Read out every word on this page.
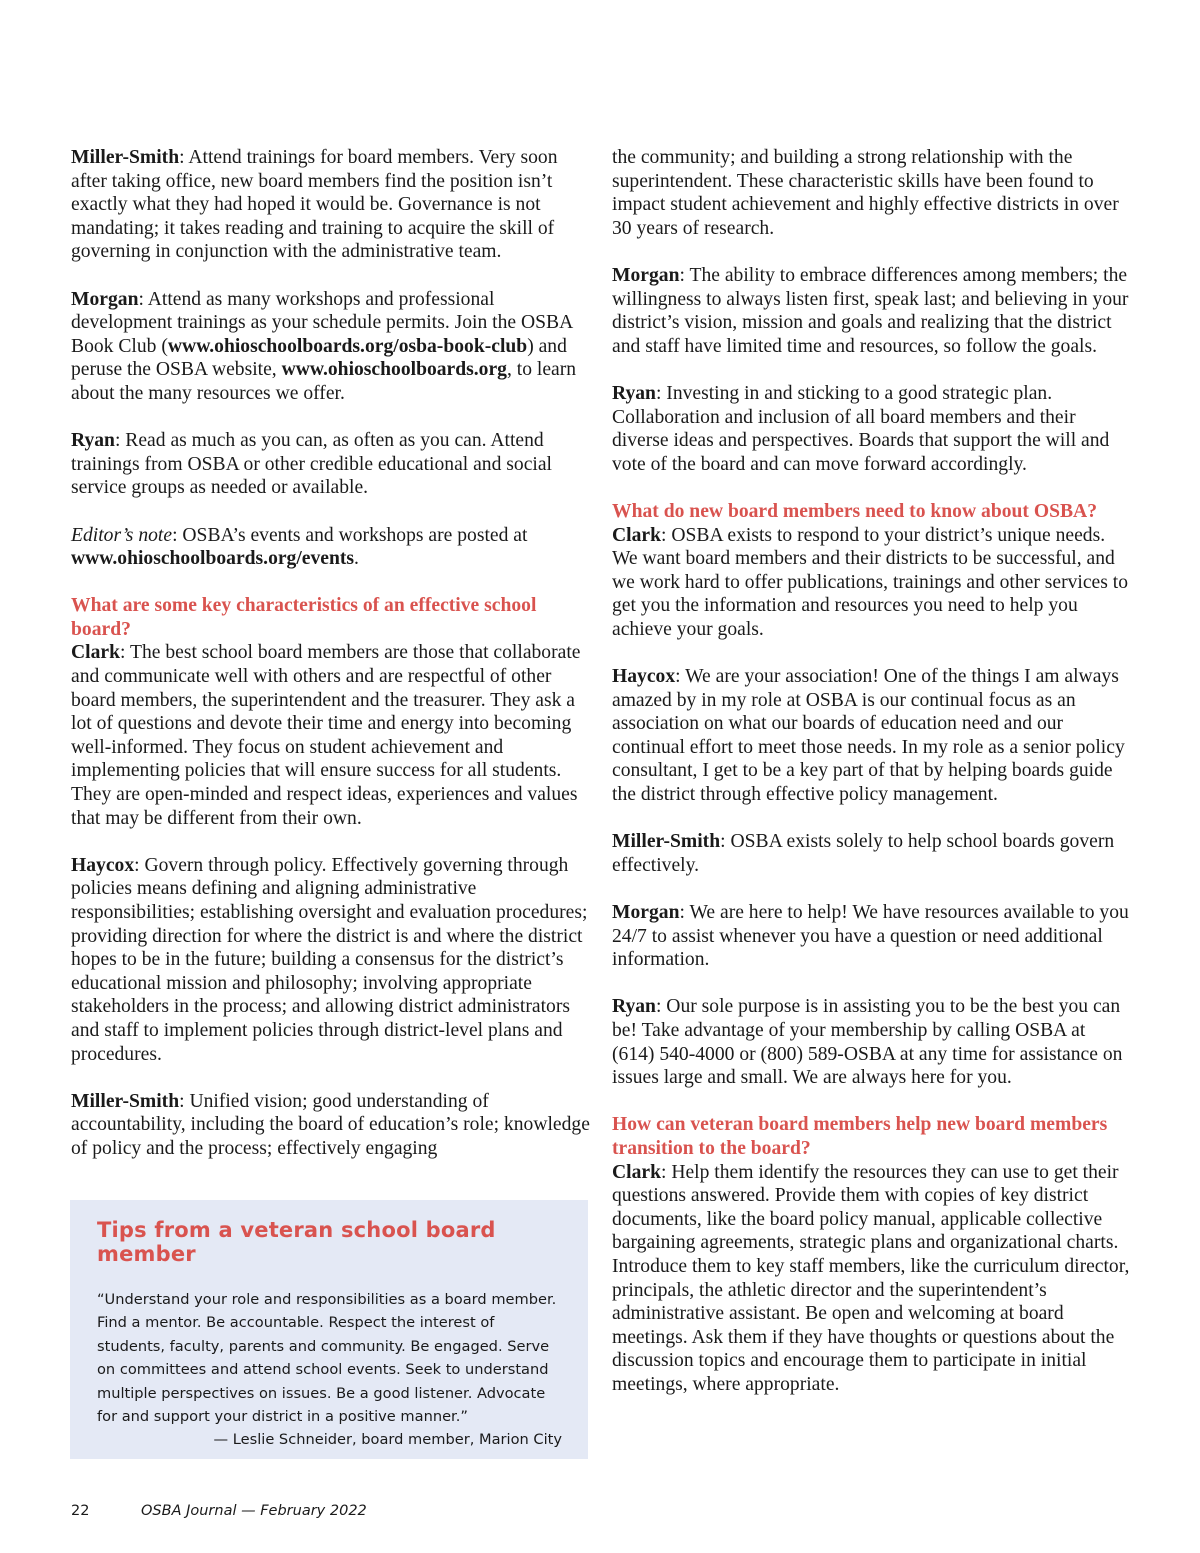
Miller-Smith: Attend trainings for board members. Very soon after taking office, new board members find the position isn’t exactly what they had hoped it would be. Governance is not mandating; it takes reading and training to acquire the skill of governing in conjunction with the administrative team.

Morgan: Attend as many workshops and professional development trainings as your schedule permits. Join the OSBA Book Club (www.ohioschoolboards.org/osba-book-club) and peruse the OSBA website, www.ohioschoolboards.org, to learn about the many resources we offer.

Ryan: Read as much as you can, as often as you can. Attend trainings from OSBA or other credible educational and social service groups as needed or available.

Editor’s note: OSBA’s events and workshops are posted at www.ohioschoolboards.org/events.

What are some key characteristics of an effective school board?

Clark: The best school board members are those that collaborate and communicate well with others and are respectful of other board members, the superintendent and the treasurer. They ask a lot of questions and devote their time and energy into becoming well-informed. They focus on student achievement and implementing policies that will ensure success for all students. They are open-minded and respect ideas, experiences and values that may be different from their own.

Haycox: Govern through policy. Effectively governing through policies means defining and aligning administrative responsibilities; establishing oversight and evaluation procedures; providing direction for where the district is and where the district hopes to be in the future; building a consensus for the district’s educational mission and philosophy; involving appropriate stakeholders in the process; and allowing district administrators and staff to implement policies through district-level plans and procedures.

Miller-Smith: Unified vision; good understanding of accountability, including the board of education’s role; knowledge of policy and the process; effectively engaging

Tips from a veteran school board member

“Understand your role and responsibilities as a board member. Find a mentor. Be accountable. Respect the interest of students, faculty, parents and community. Be engaged. Serve on committees and attend school events. Seek to understand multiple perspectives on issues. Be a good listener. Advocate for and support your district in a positive manner.”

— Leslie Schneider, board member, Marion City

the community; and building a strong relationship with the superintendent. These characteristic skills have been found to impact student achievement and highly effective districts in over 30 years of research.

Morgan: The ability to embrace differences among members; the willingness to always listen first, speak last; and believing in your district’s vision, mission and goals and realizing that the district and staff have limited time and resources, so follow the goals.

Ryan: Investing in and sticking to a good strategic plan. Collaboration and inclusion of all board members and their diverse ideas and perspectives. Boards that support the will and vote of the board and can move forward accordingly.

What do new board members need to know about OSBA?

Clark: OSBA exists to respond to your district’s unique needs. We want board members and their districts to be successful, and we work hard to offer publications, trainings and other services to get you the information and resources you need to help you achieve your goals.

Haycox: We are your association! One of the things I am always amazed by in my role at OSBA is our continual focus as an association on what our boards of education need and our continual effort to meet those needs. In my role as a senior policy consultant, I get to be a key part of that by helping boards guide the district through effective policy management.

Miller-Smith: OSBA exists solely to help school boards govern effectively.

Morgan: We are here to help! We have resources available to you 24/7 to assist whenever you have a question or need additional information.

Ryan: Our sole purpose is in assisting you to be the best you can be! Take advantage of your membership by calling OSBA at (614) 540-4000 or (800) 589-OSBA at any time for assistance on issues large and small. We are always here for you.

How can veteran board members help new board members transition to the board?

Clark: Help them identify the resources they can use to get their questions answered. Provide them with copies of key district documents, like the board policy manual, applicable collective bargaining agreements, strategic plans and organizational charts. Introduce them to key staff members, like the curriculum director, principals, the athletic director and the superintendent’s administrative assistant. Be open and welcoming at board meetings. Ask them if they have thoughts or questions about the discussion topics and encourage them to participate in initial meetings, where appropriate.

22	OSBA Journal — February 2022
